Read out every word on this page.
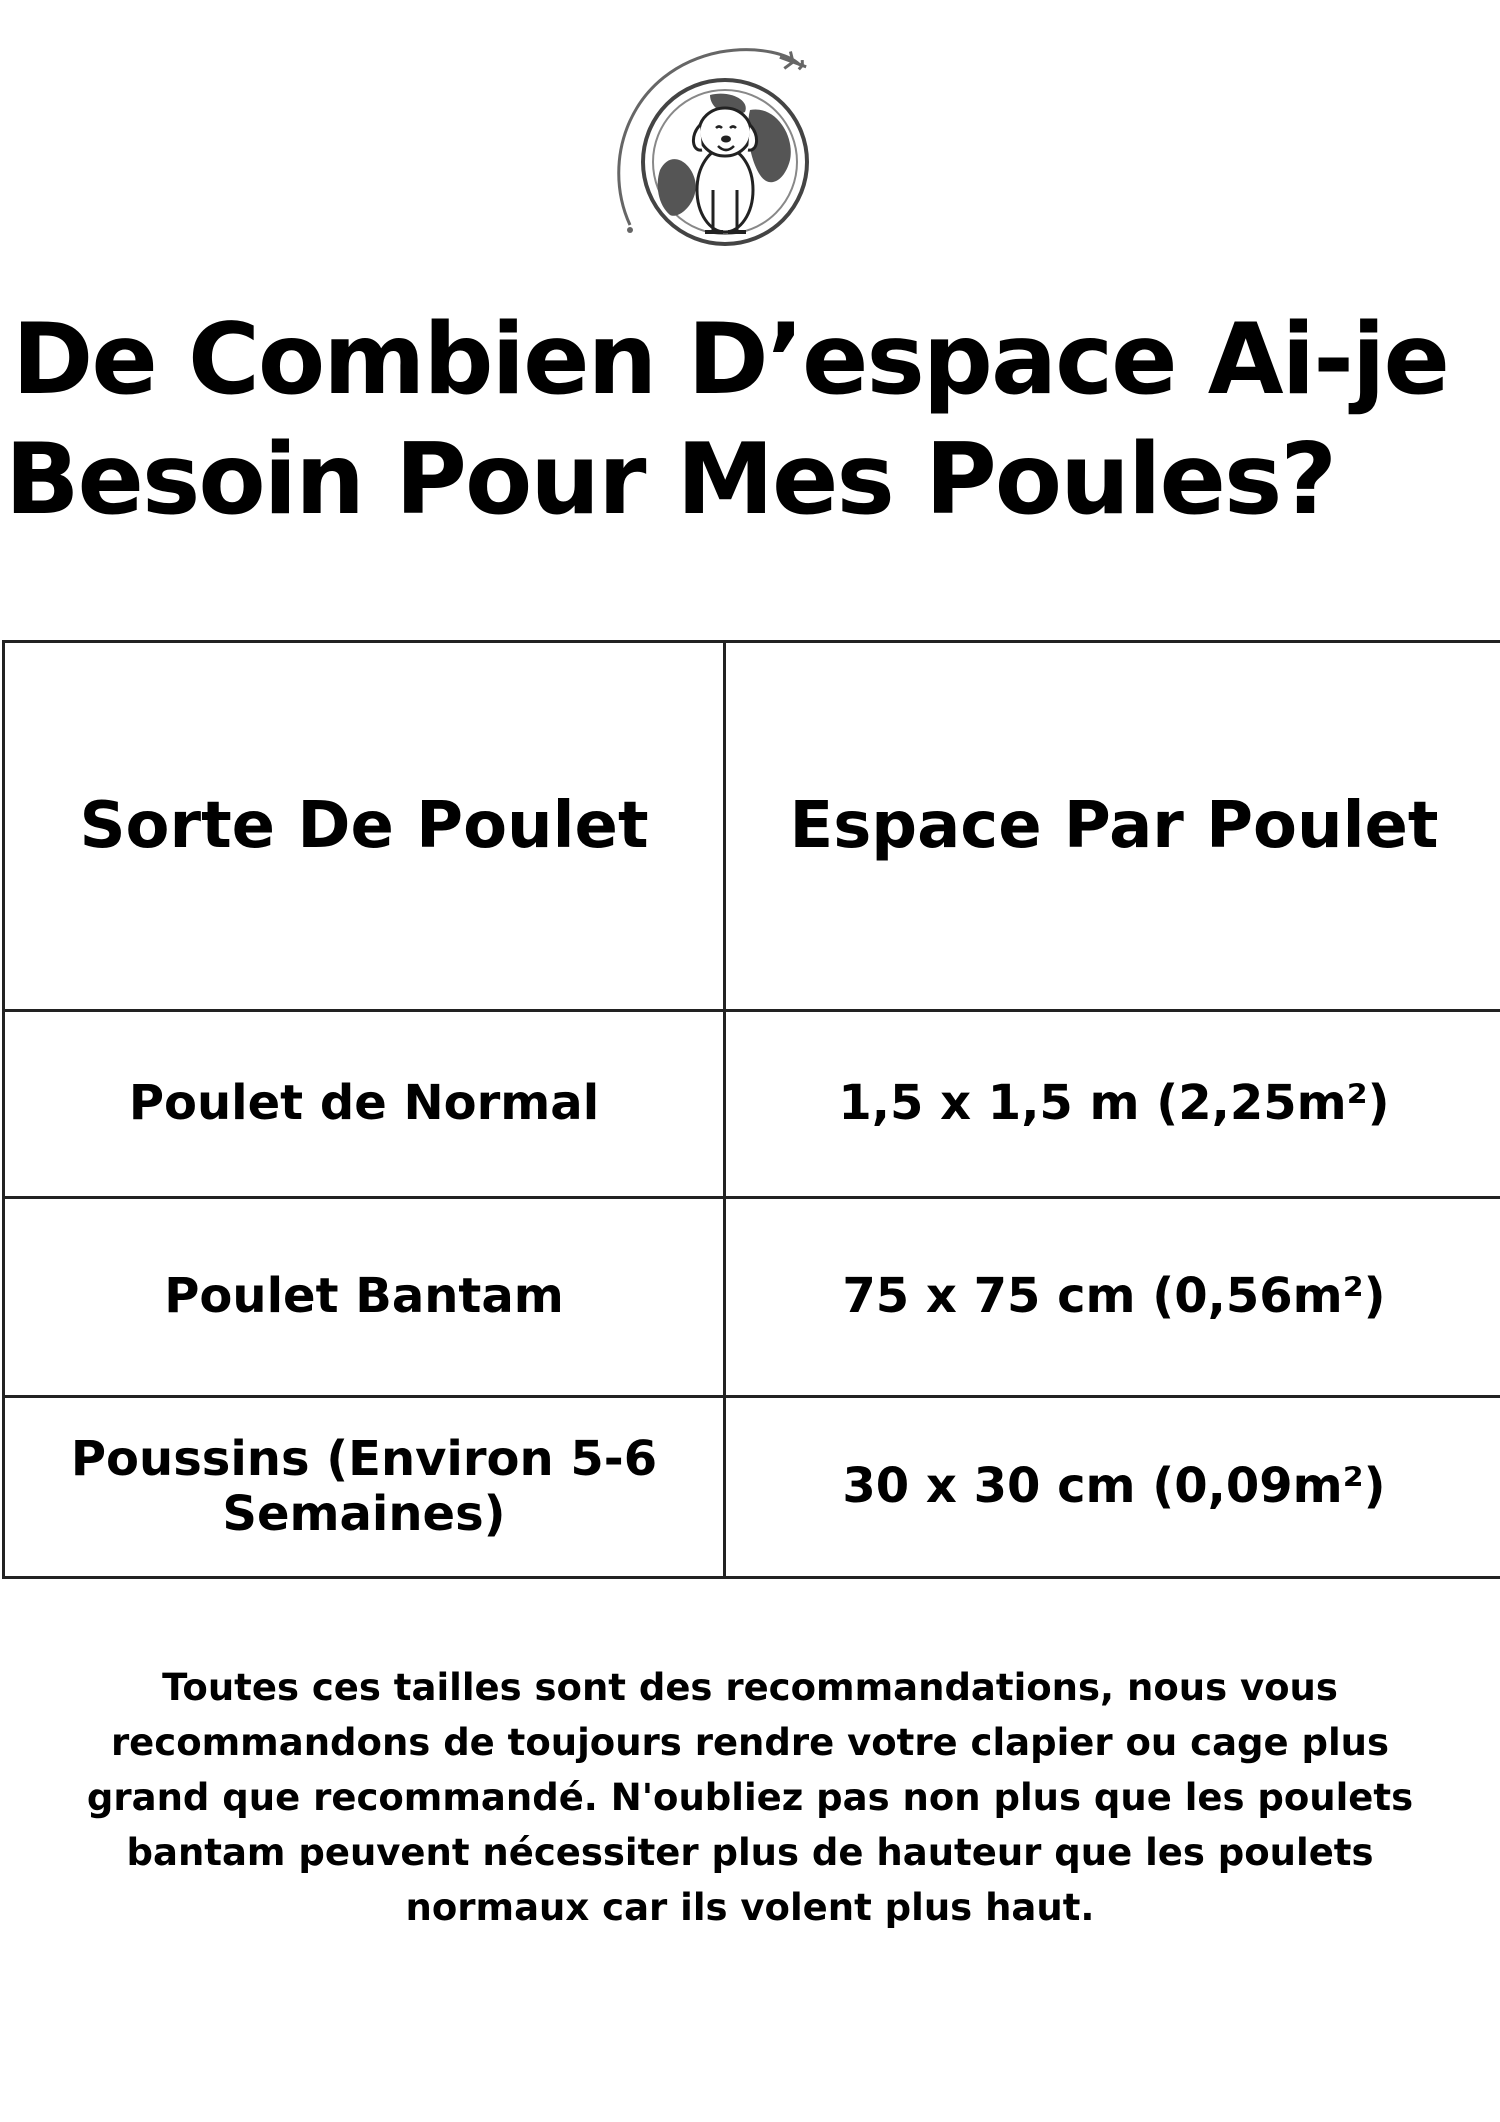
De Combien D’espace Ai-je
Besoin Pour Mes Poules?
Sorte De Poulet	Espace Par Poulet
Poulet de Normal	1,5 x 1,5 m (2,25m²)
Poulet Bantam	75 x 75 cm (0,56m²)
Poussins (Environ 5-6 Semaines)	30 x 30 cm (0,09m²)

Toutes ces tailles sont des recommandations, nous vous recommandons de toujours rendre votre clapier ou cage plus grand que recommandé. N'oubliez pas non plus que les poulets bantam peuvent nécessiter plus de hauteur que les poulets normaux car ils volent plus haut.
